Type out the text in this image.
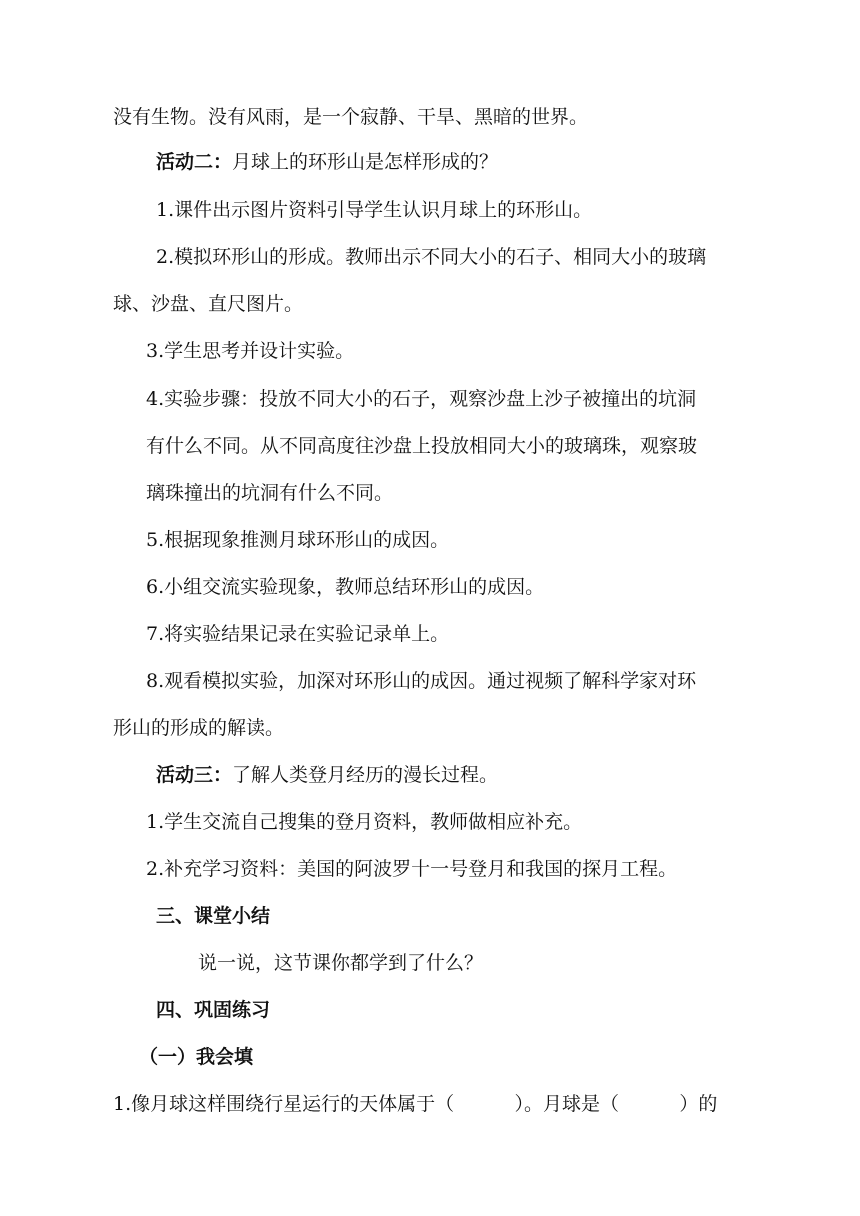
没有生物。没有风雨，是一个寂静、干旱、黑暗的世界。
活动二：月球上的环形山是怎样形成的？
1.课件出示图片资料引导学生认识月球上的环形山。
2.模拟环形山的形成。教师出示不同大小的石子、相同大小的玻璃
球、沙盘、直尺图片。
3.学生思考并设计实验。
4.实验步骤：投放不同大小的石子，观察沙盘上沙子被撞出的坑洞
有什么不同。从不同高度往沙盘上投放相同大小的玻璃珠，观察玻
璃珠撞出的坑洞有什么不同。
5.根据现象推测月球环形山的成因。
6.小组交流实验现象，教师总结环形山的成因。
7.将实验结果记录在实验记录单上。
8.观看模拟实验，加深对环形山的成因。通过视频了解科学家对环
形山的形成的解读。
活动三：了解人类登月经历的漫长过程。
1.学生交流自己搜集的登月资料，教师做相应补充。
2.补充学习资料：美国的阿波罗十一号登月和我国的探月工程。
三、课堂小结
说一说，这节课你都学到了什么？
四、巩固练习
（一）我会填
1.像月球这样围绕行星运行的天体属于（          ）。月球是（          ）的
